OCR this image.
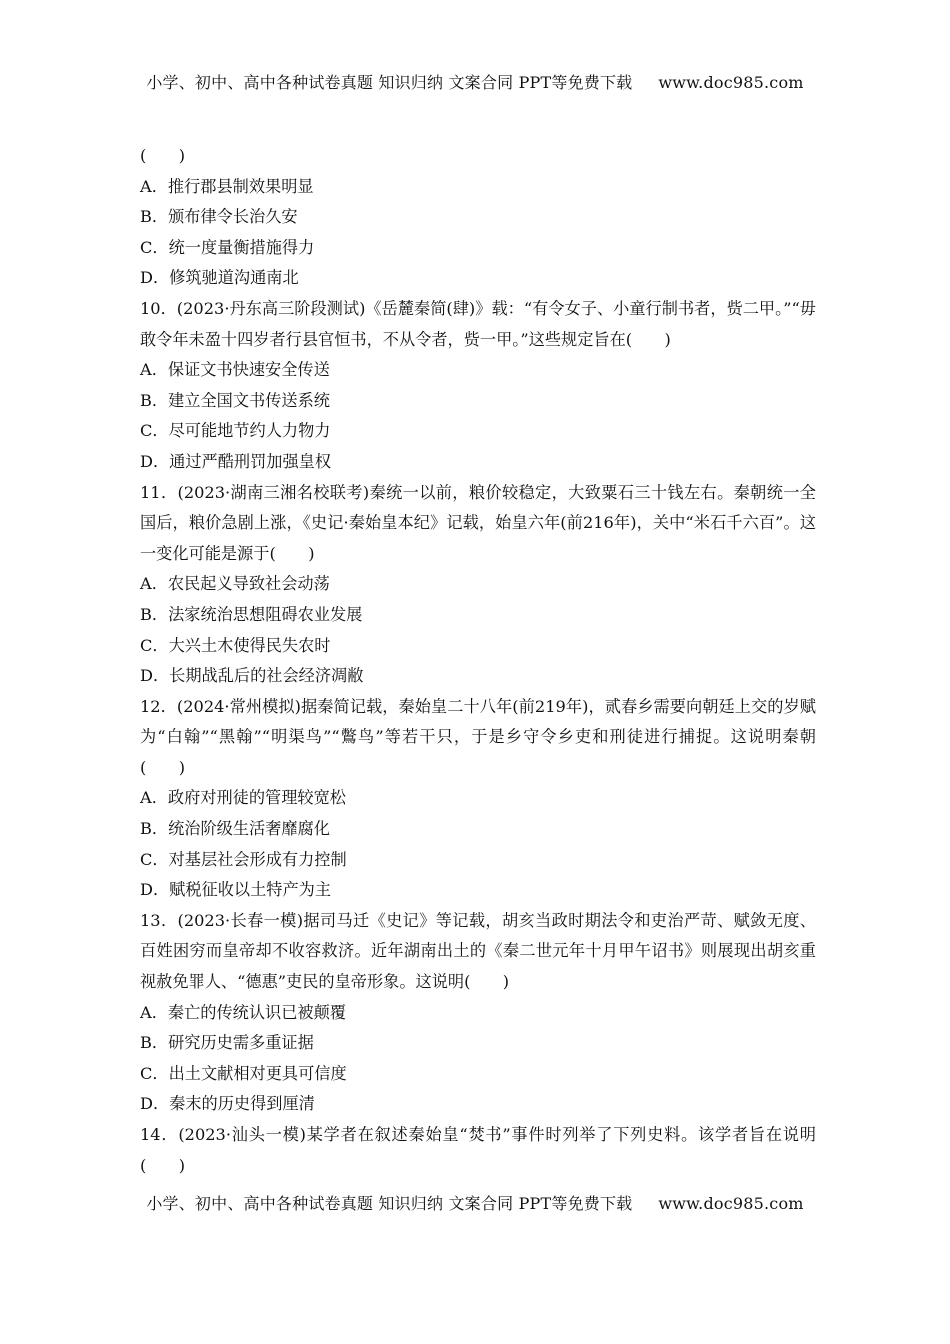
小学、初中、高中各种试卷真题 知识归纳 文案合同 PPT等免费下载 www.doc985.com

(　　)

A．推行郡县制效果明显

B．颁布律令长治久安

C．统一度量衡措施得力

D．修筑驰道沟通南北

10．(2023·丹东高三阶段测试)《岳麓秦简(肆)》载：“有令女子、小童行制书者，赀二甲。”“毋敢令年未盈十四岁者行县官恒书，不从令者，赀一甲。”这些规定旨在(　　)

A．保证文书快速安全传送

B．建立全国文书传送系统

C．尽可能地节约人力物力

D．通过严酷刑罚加强皇权

11．(2023·湖南三湘名校联考)秦统一以前，粮价较稳定，大致粟石三十钱左右。秦朝统一全国后，粮价急剧上涨，《史记·秦始皇本纪》记载，始皇六年(前216年)，关中“米石千六百”。这一变化可能是源于(　　)

A．农民起义导致社会动荡

B．法家统治思想阻碍农业发展

C．大兴土木使得民失农时

D．长期战乱后的社会经济凋敝

12．(2024·常州模拟)据秦简记载，秦始皇二十八年(前219年)，贰春乡需要向朝廷上交的岁赋为“白翰”“黑翰”“明渠鸟”“鷩鸟”等若干只，于是乡守令乡吏和刑徒进行捕捉。这说明秦朝(　　)

A．政府对刑徒的管理较宽松

B．统治阶级生活奢靡腐化

C．对基层社会形成有力控制

D．赋税征收以土特产为主

13．(2023·长春一模)据司马迁《史记》等记载，胡亥当政时期法令和吏治严苛、赋敛无度、百姓困穷而皇帝却不收容救济。近年湖南出土的《秦二世元年十月甲午诏书》则展现出胡亥重视赦免罪人、“德惠”吏民的皇帝形象。这说明(　　)

A．秦亡的传统认识已被颠覆

B．研究历史需多重证据

C．出土文献相对更具可信度

D．秦末的历史得到厘清

14．(2023·汕头一模)某学者在叙述秦始皇“焚书”事件时列举了下列史料。该学者旨在说明(　　)

小学、初中、高中各种试卷真题 知识归纳 文案合同 PPT等免费下载 www.doc985.com
